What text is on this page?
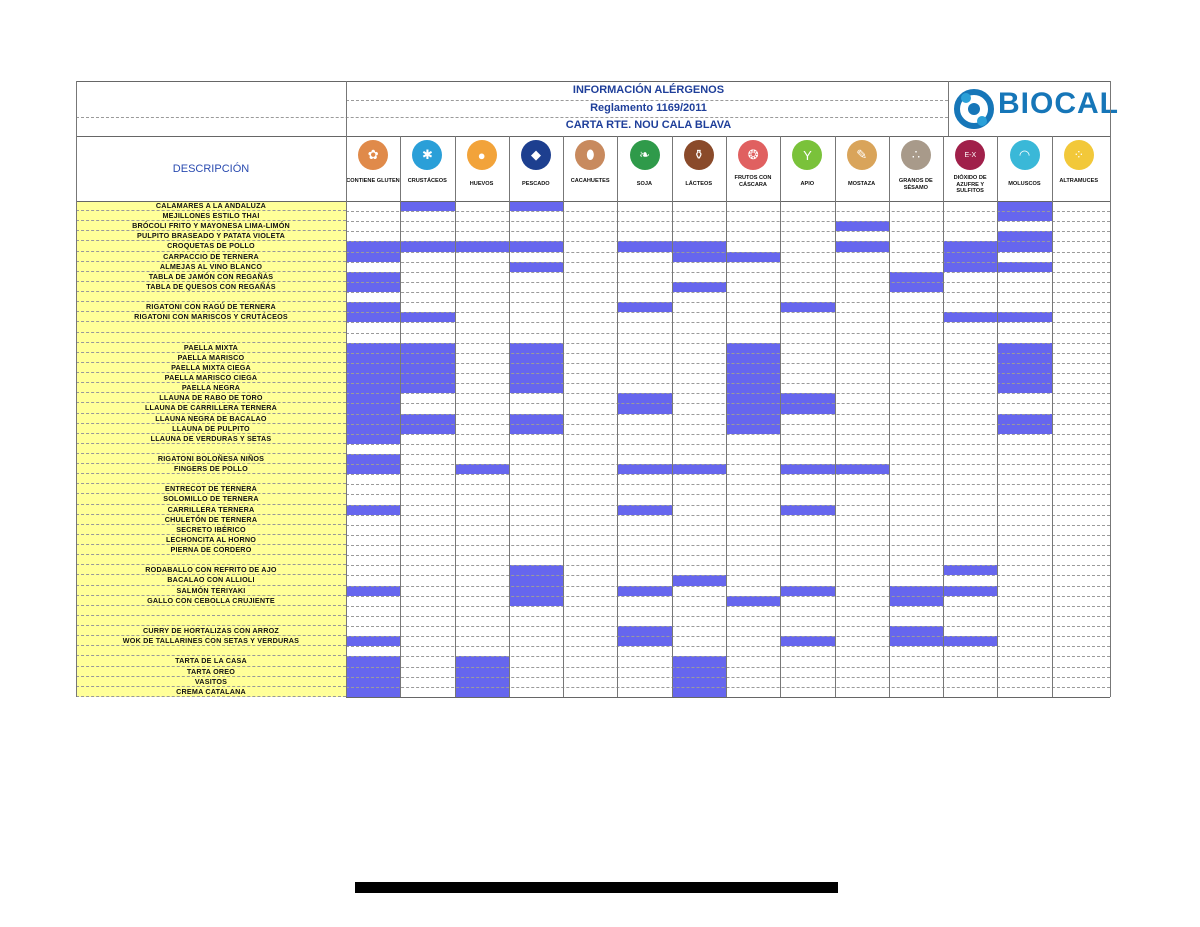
INFORMACIÓN ALÉRGENOS
Reglamento 1169/2011
CARTA RTE. NOU CALA BLAVA
DESCRIPCIÓN
BIOCAL
✿
CONTIENE GLUTEN
✱
CRUSTÁCEOS
●
HUEVOS
◆
PESCADO
⬮
CACAHUETES
❧
SOJA
⚱
LÁCTEOS
❂
FRUTOS CON CÁSCARA
Y
APIO
✎
MOSTAZA
∴
GRANOS DE SÉSAMO
E-X
DIÓXIDO DE AZUFRE Y SULFITOS
◠
MOLUSCOS
⁘
ALTRAMUCES
CALAMARES A LA ANDALUZA
MEJILLONES ESTILO THAI
BRÓCOLI FRITO Y MAYONESA LIMA-LIMÓN
PULPITO BRASEADO Y PATATA VIOLETA
CROQUETAS DE POLLO
CARPACCIO DE TERNERA
ALMEJAS AL VINO BLANCO
TABLA DE JAMÓN CON REGAÑÁS
TABLA DE QUESOS CON REGAÑÁS
RIGATONI CON RAGÚ DE TERNERA
RIGATONI CON MARISCOS Y CRUTÁCEOS
PAELLA MIXTA
PAELLA MARISCO
PAELLA MIXTA CIEGA
PAELLA MARISCO CIEGA
PAELLA NEGRA
LLAUNA DE RABO DE TORO
LLAUNA DE CARRILLERA TERNERA
LLAUNA NEGRA DE BACALAO
LLAUNA DE PULPITO
LLAUNA DE VERDURAS Y SETAS
RIGATONI BOLOÑESA NIÑOS
FINGERS DE POLLO
ENTRECOT DE TERNERA
SOLOMILLO DE TERNERA
CARRILLERA TERNERA
CHULETÓN DE TERNERA
SECRETO IBÉRICO
LECHONCITA AL HORNO
PIERNA DE CORDERO
RODABALLO CON REFRITO DE AJO
BACALAO CON ALLIOLI
SALMÓN TERIYAKI
GALLO CON CEBOLLA CRUJIENTE
CURRY DE HORTALIZAS CON ARROZ
WOK DE TALLARINES CON SETAS Y VERDURAS
TARTA DE LA CASA
TARTA OREO
VASITOS
CREMA CATALANA
